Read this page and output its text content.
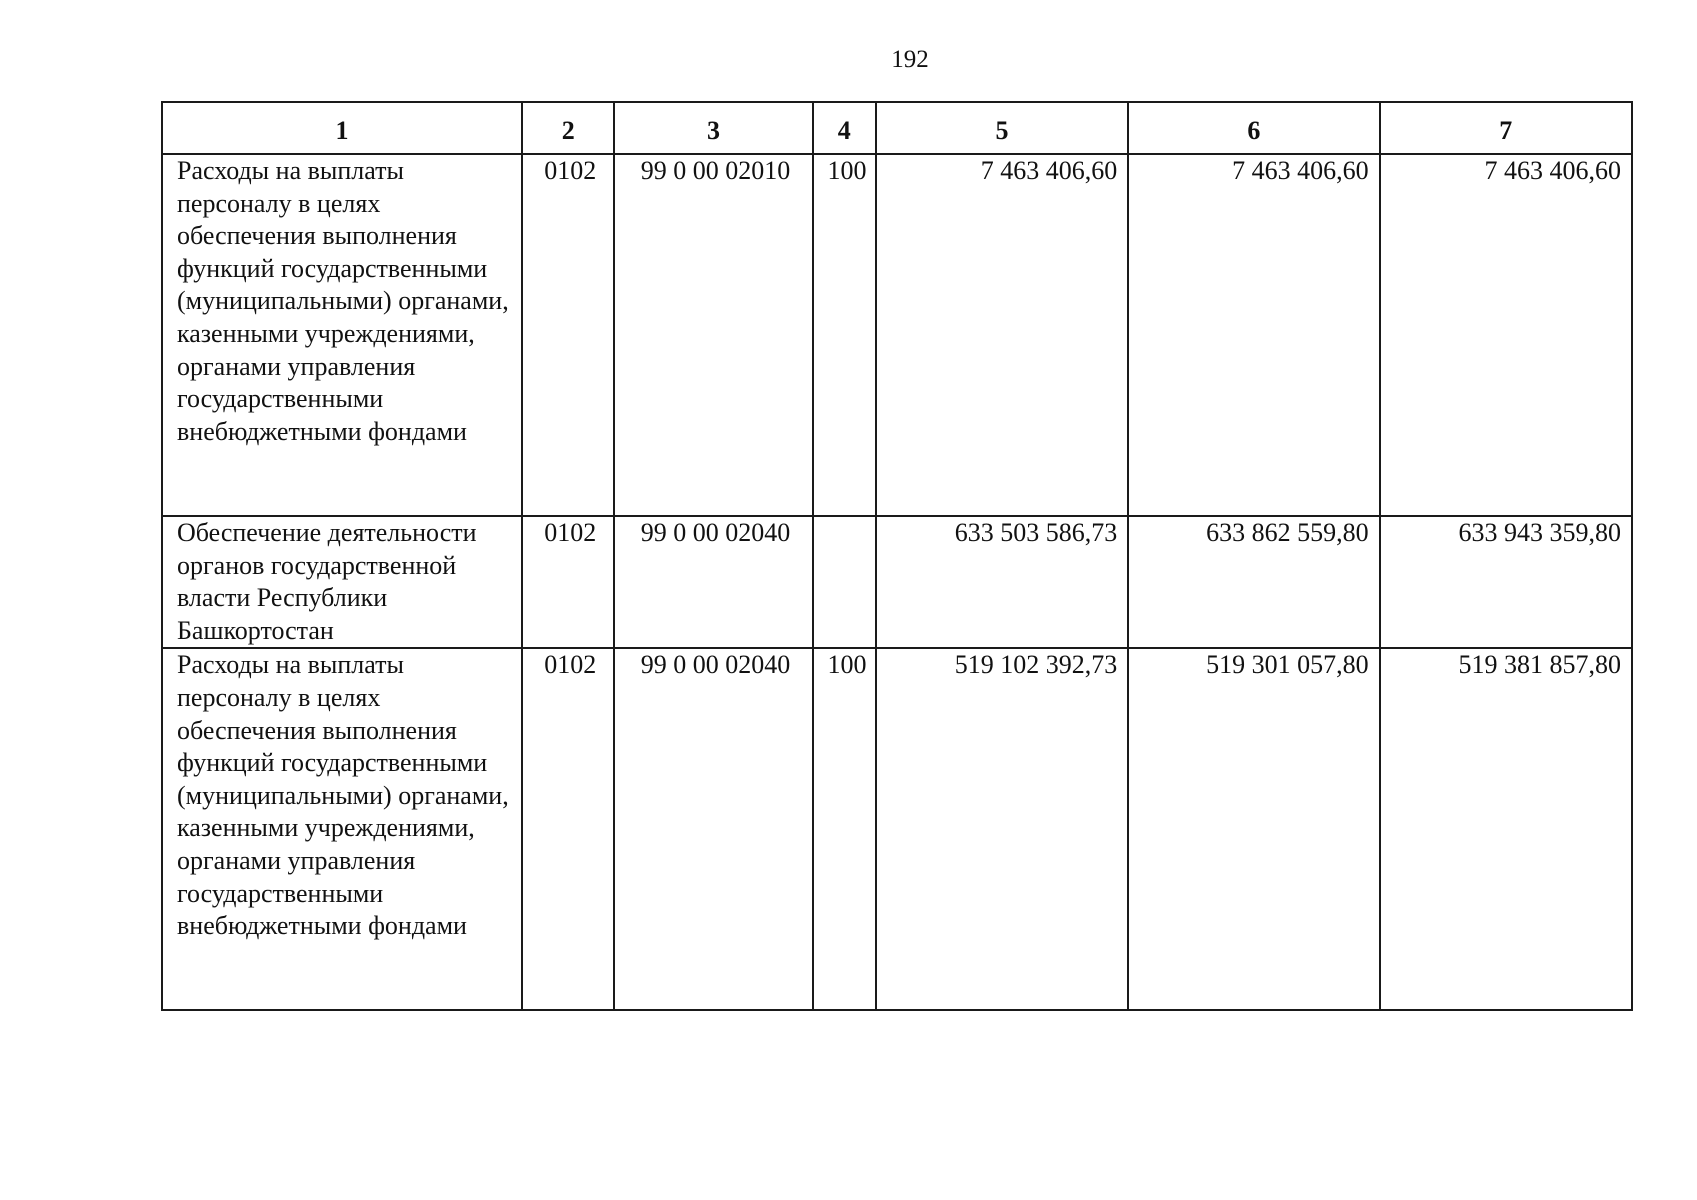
192
1	2	3	4	5	6	7
Расходы на выплаты персоналу в целях обеспечения выполнения функций государственными (муниципальными) органами, казенными учреждениями, органами управления государственными внебюджетными фондами	0102	99 0 00 02010	100	7 463 406,60	7 463 406,60	7 463 406,60
Обеспечение деятельности органов государственной власти Республики Башкортостан	0102	99 0 00 02040		633 503 586,73	633 862 559,80	633 943 359,80
Расходы на выплаты персоналу в целях обеспечения выполнения функций государственными (муниципальными) органами, казенными учреждениями, органами управления государственными внебюджетными фондами	0102	99 0 00 02040	100	519 102 392,73	519 301 057,80	519 381 857,80
